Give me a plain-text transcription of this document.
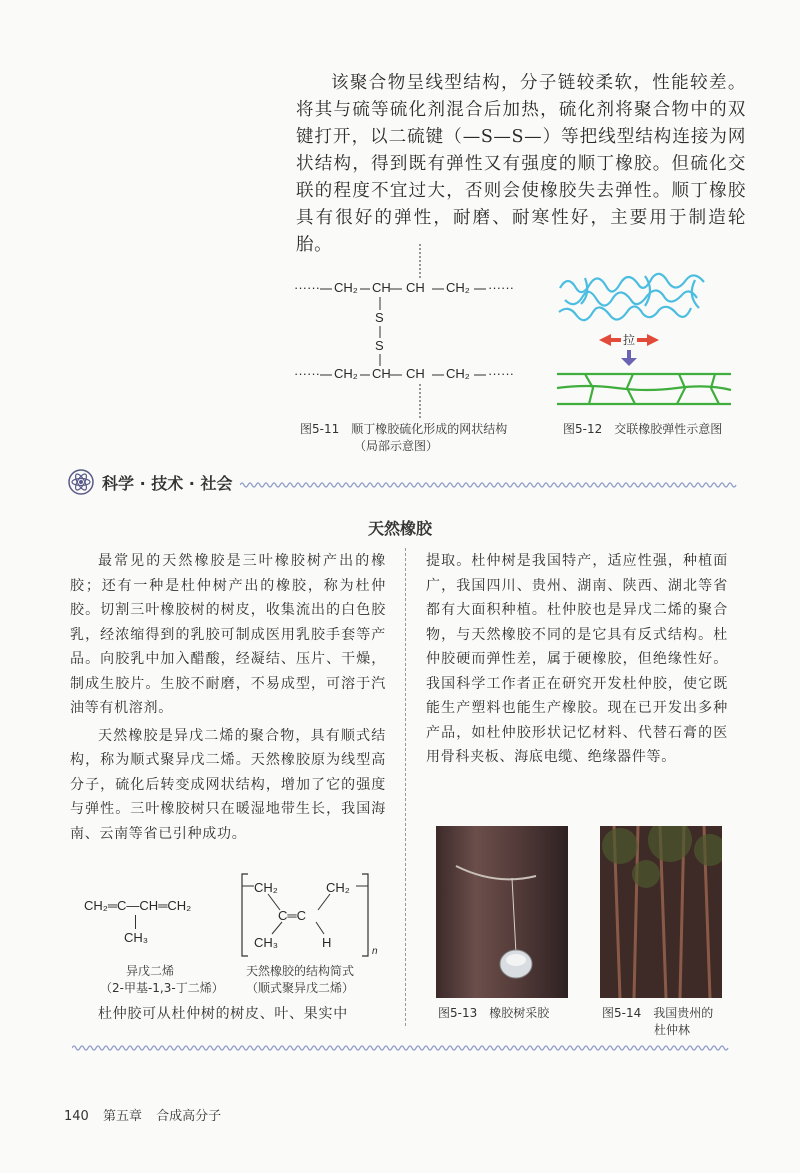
该聚合物呈线型结构，分子链较柔软，性能较差。将其与硫等硫化剂混合后加热，硫化剂将聚合物中的双键打开，以二硫键（—S—S—）等把线型结构连接为网状结构，得到既有弹性又有强度的顺丁橡胶。但硫化交联的程度不宜过大，否则会使橡胶失去弹性。顺丁橡胶具有很好的弹性，耐磨、耐寒性好，主要用于制造轮胎。

······ CH₂ CH CH CH₂ ······
S
S
······ CH₂ CH CH CH₂ ······
图5-11　顺丁橡胶硫化形成的网状结构
（局部示意图）
拉
图5-12　交联橡胶弹性示意图
科学 · 技术 · 社会
天然橡胶

最常见的天然橡胶是三叶橡胶树产出的橡胶；还有一种是杜仲树产出的橡胶，称为杜仲胶。切割三叶橡胶树的树皮，收集流出的白色胶乳，经浓缩得到的乳胶可制成医用乳胶手套等产品。向胶乳中加入醋酸，经凝结、压片、干燥，制成生胶片。生胶不耐磨，不易成型，可溶于汽油等有机溶剂。

天然橡胶是异戊二烯的聚合物，具有顺式结构，称为顺式聚异戊二烯。天然橡胶原为线型高分子，硫化后转变成网状结构，增加了它的强度与弹性。三叶橡胶树只在暖湿地带生长，我国海南、云南等省已引种成功。

CH₂═C—CH═CH₂
CH₃
异戊二烯
（2-甲基-1,3-丁二烯）
CH₂	CH₂
C═C
CH₃	H
n
天然橡胶的结构简式
（顺式聚异戊二烯）

杜仲胶可从杜仲树的树皮、叶、果实中

提取。杜仲树是我国特产，适应性强，种植面广，我国四川、贵州、湖南、陕西、湖北等省都有大面积种植。杜仲胶也是异戊二烯的聚合物，与天然橡胶不同的是它具有反式结构。杜仲胶硬而弹性差，属于硬橡胶，但绝缘性好。我国科学工作者正在研究开发杜仲胶，使它既能生产塑料也能生产橡胶。现在已开发出多种产品，如杜仲胶形状记忆材料、代替石膏的医用骨科夹板、海底电缆、绝缘器件等。

图5-13　橡胶树采胶	图5-14　我国贵州的
杜仲林
140 第五章 合成高分子
